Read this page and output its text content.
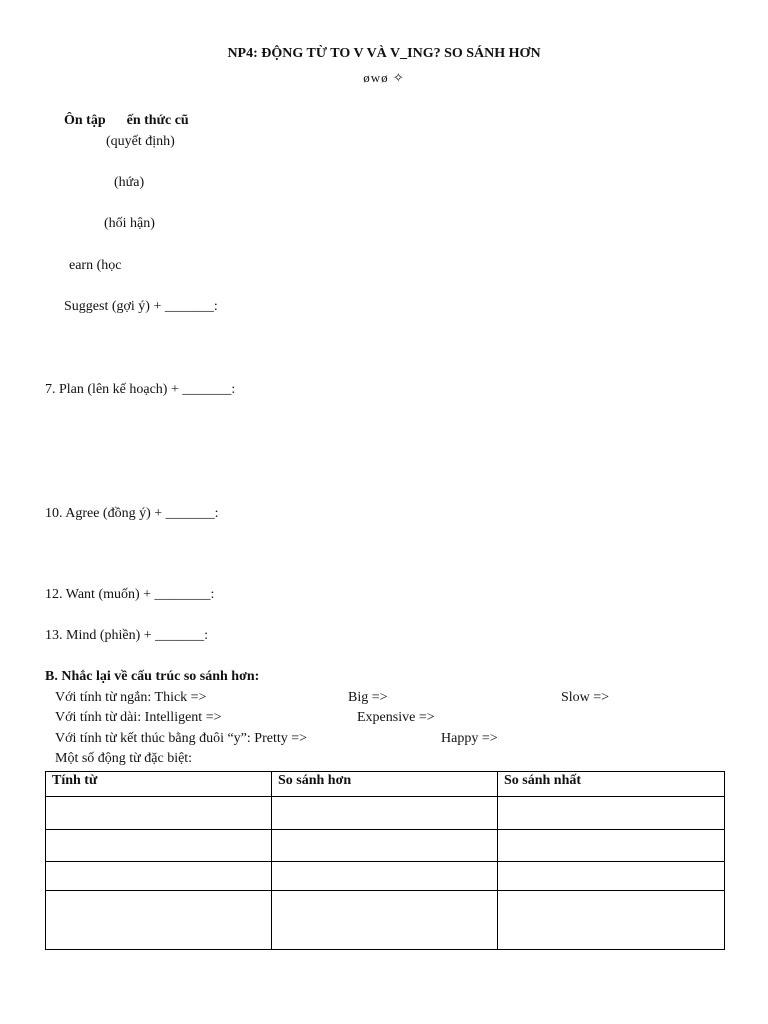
NP4: ĐỘNG TỪ TO V VÀ V_ING? SO SÁNH HƠN
øwø ✧
Ôn tập ến thức cũ
(quyết định)
(hứa)
(hối hận)
earn (học
Suggest (gợi ý) + _______:
7. Plan (lên kế hoạch) + _______:
10. Agree (đồng ý) + _______:
12. Want (muốn) + ________:
13. Mind (phiền) + _______:
B. Nhắc lại về cấu trúc so sánh hơn:
Với tính từ ngắn: Thick =>	Big =>	Slow =>
Với tính từ dài: Intelligent =>	Expensive =>
Với tính từ kết thúc bằng đuôi “y”: Pretty =>	Happy =>
Một số động từ đặc biệt:
Tính từ	So sánh hơn	So sánh nhất
